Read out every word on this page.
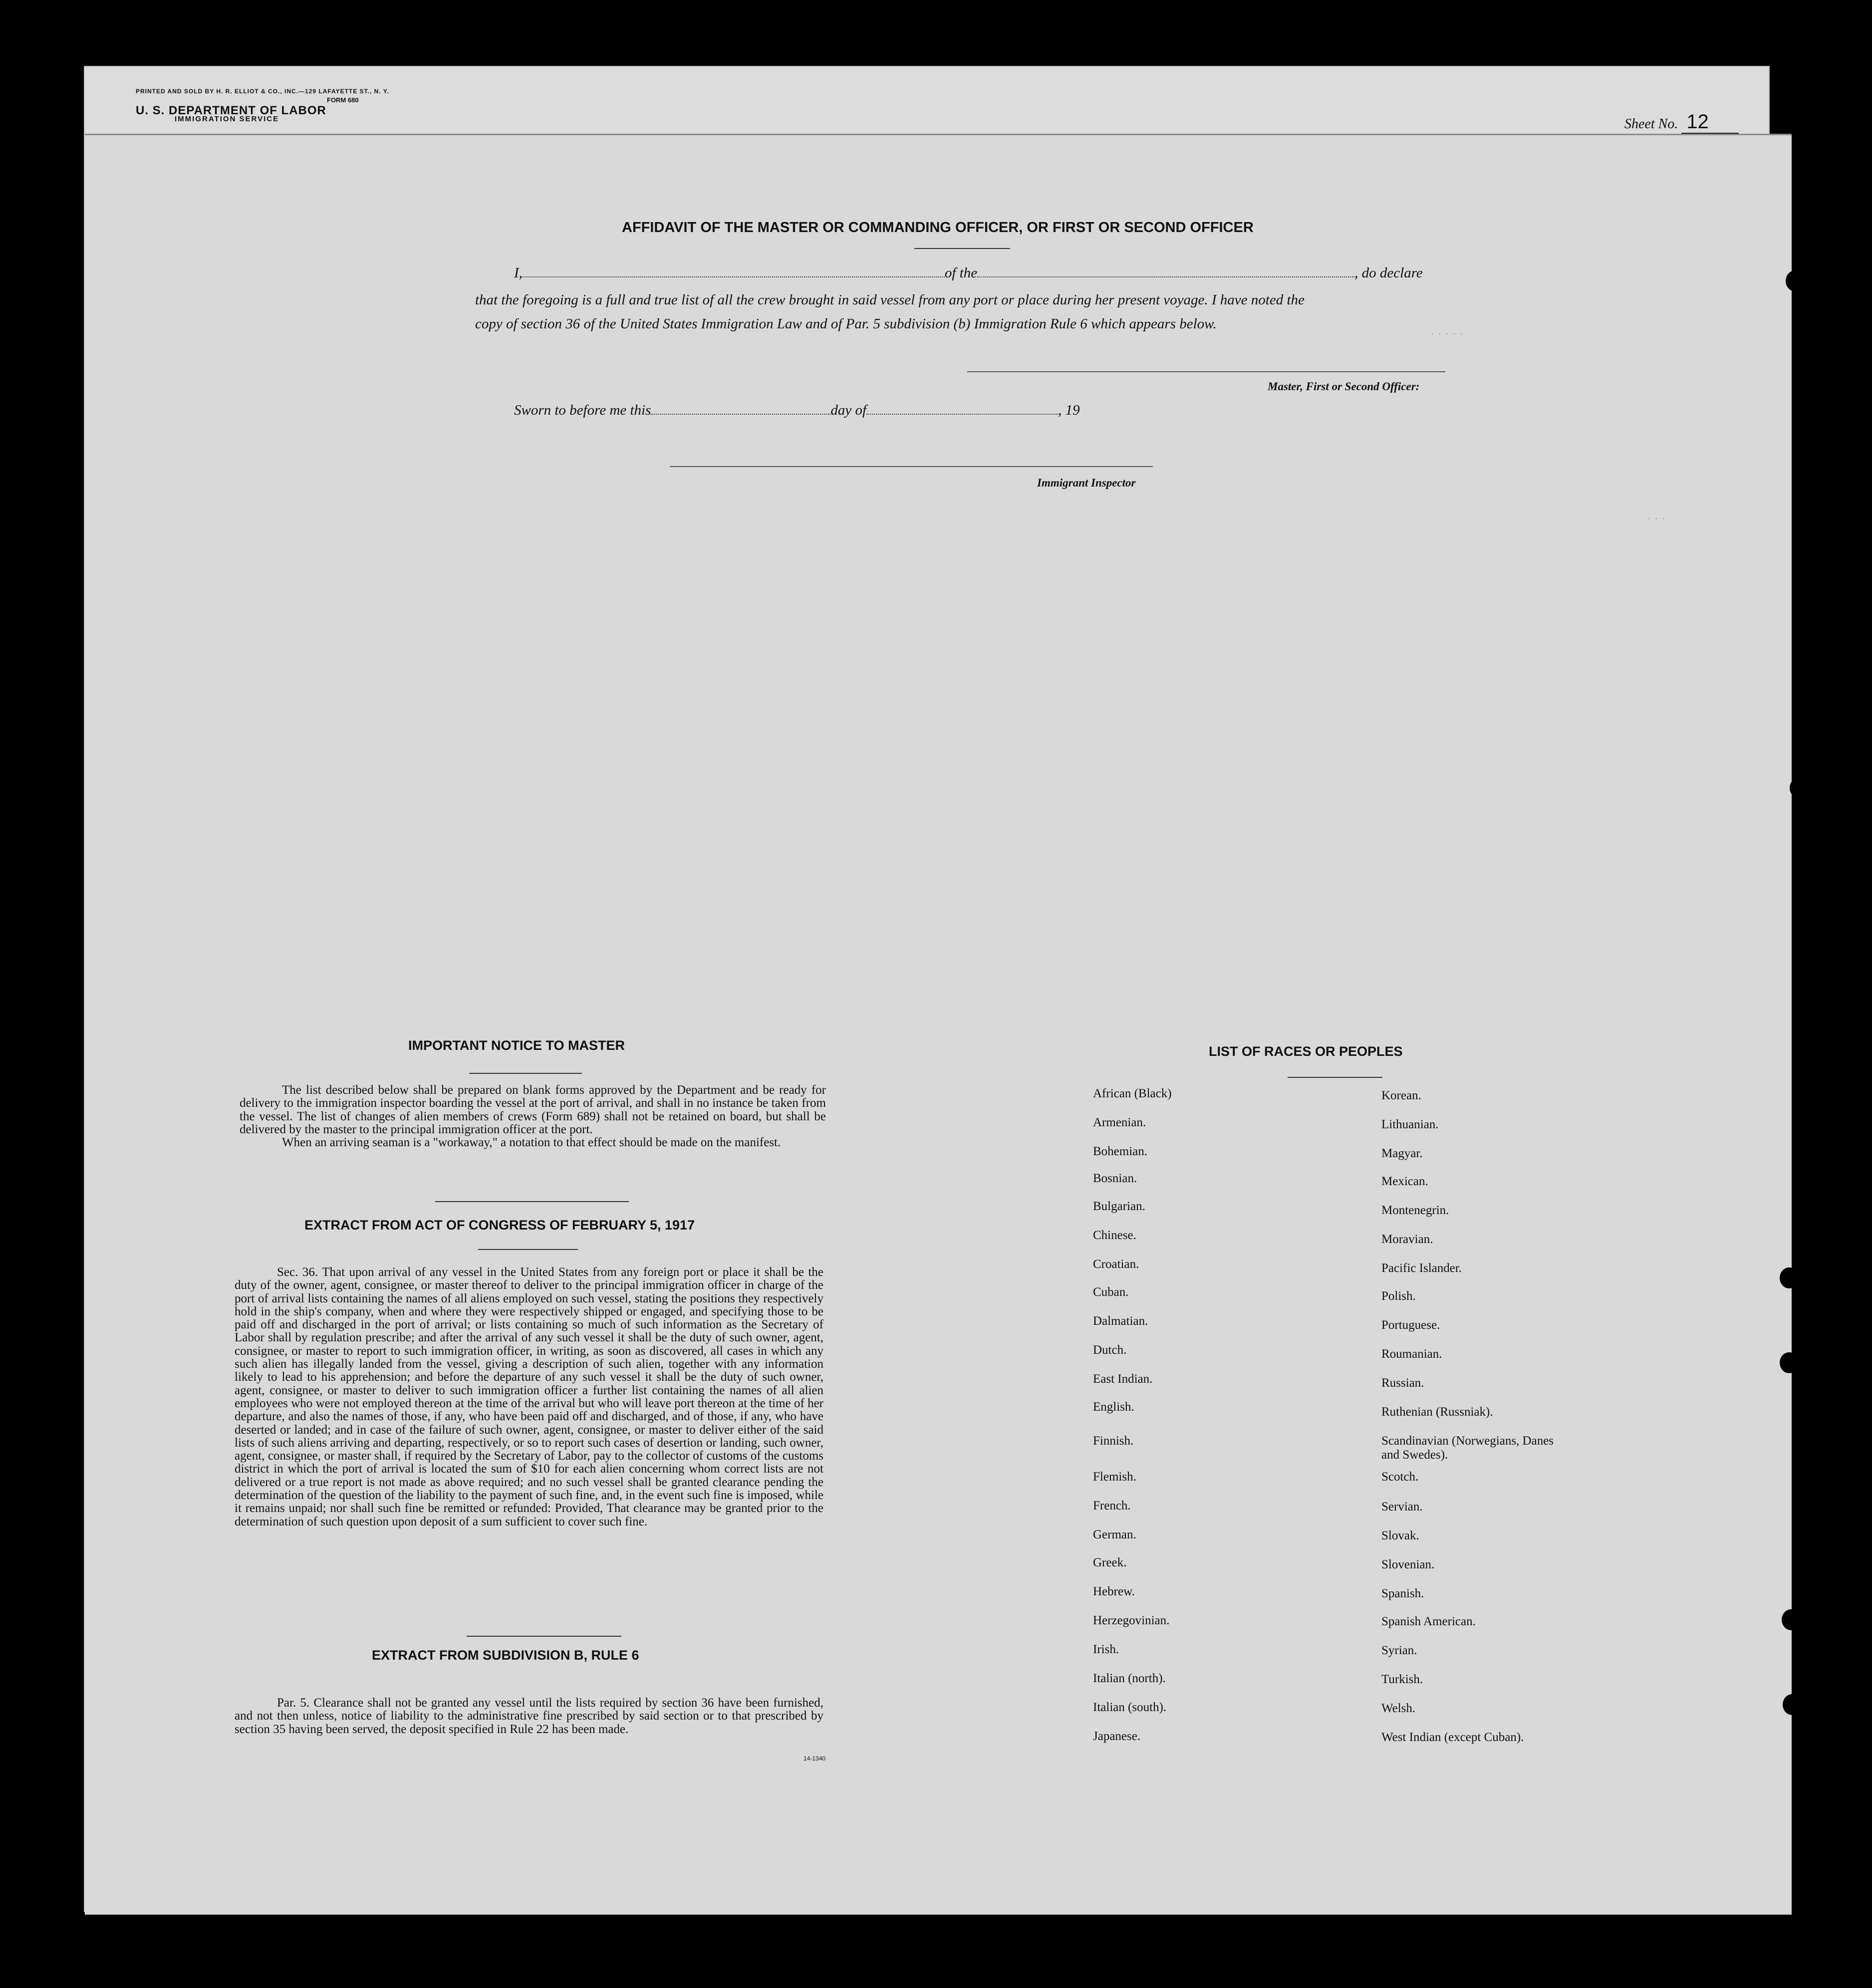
PRINTED AND SOLD BY H. R. ELLIOT & CO., INC.—129 LAFAYETTE ST., N. Y.
FORM 680
U. S. DEPARTMENT OF LABOR
IMMIGRATION SERVICE	Sheet No. 12
· · · · ·
· · ·
AFFIDAVIT OF THE MASTER OR COMMANDING OFFICER, OR FIRST OR SECOND OFFICER
I,	of the	, do declare
that the foregoing is a full and true list of all the crew brought in said vessel from any port or place during her present voyage. I have noted the
copy of section 36 of the United States Immigration Law and of Par. 5 subdivision (b) Immigration Rule 6 which appears below.
Master, First or Second Officer:
Sworn to before me this	day of	, 19
Immigrant Inspector
IMPORTANT NOTICE TO MASTER

The list described below shall be prepared on blank forms approved by the Department and be ready for delivery to the immigration inspector boarding the vessel at the port of arrival, and shall in no instance be taken from the vessel. The list of changes of alien members of crews (Form 689) shall not be retained on board, but shall be delivered by the master to the principal immigration officer at the port.

When an arriving seaman is a "workaway," a notation to that effect should be made on the manifest.

EXTRACT FROM ACT OF CONGRESS OF FEBRUARY 5, 1917

Sec. 36. That upon arrival of any vessel in the United States from any foreign port or place it shall be the duty of the owner, agent, consignee, or master thereof to deliver to the principal immigration officer in charge of the port of arrival lists containing the names of all aliens employed on such vessel, stating the positions they respectively hold in the ship's company, when and where they were respectively shipped or engaged, and specifying those to be paid off and discharged in the port of arrival; or lists containing so much of such information as the Secretary of Labor shall by regulation prescribe; and after the arrival of any such vessel it shall be the duty of such owner, agent, consignee, or master to report to such immigration officer, in writing, as soon as discovered, all cases in which any such alien has illegally landed from the vessel, giving a description of such alien, together with any information likely to lead to his apprehension; and before the departure of any such vessel it shall be the duty of such owner, agent, consignee, or master to deliver to such immigration officer a further list containing the names of all alien employees who were not employed thereon at the time of the arrival but who will leave port thereon at the time of her departure, and also the names of those, if any, who have been paid off and discharged, and of those, if any, who have deserted or landed; and in case of the failure of such owner, agent, consignee, or master to deliver either of the said lists of such aliens arriving and departing, respectively, or so to report such cases of desertion or landing, such owner, agent, consignee, or master shall, if required by the Secretary of Labor, pay to the collector of customs of the customs district in which the port of arrival is located the sum of $10 for each alien concerning whom correct lists are not delivered or a true report is not made as above required; and no such vessel shall be granted clearance pending the determination of the question of the liability to the payment of such fine, and, in the event such fine is imposed, while it remains unpaid; nor shall such fine be remitted or refunded: Provided, That clearance may be granted prior to the determination of such question upon deposit of a sum sufficient to cover such fine.

EXTRACT FROM SUBDIVISION B, RULE 6

Par. 5. Clearance shall not be granted any vessel until the lists required by section 36 have been furnished, and not then unless, notice of liability to the administrative fine prescribed by said section or to that prescribed by section 35 having been served, the deposit specified in Rule 22 has been made.

14-1340
LIST OF RACES OR PEOPLES
African (Black)
Armenian.
Bohemian.
Bosnian.
Bulgarian.
Chinese.
Croatian.
Cuban.
Dalmatian.
Dutch.
East Indian.
English.
Finnish.
Flemish.
French.
German.
Greek.
Hebrew.
Herzegovinian.
Irish.
Italian (north).
Italian (south).
Japanese.
Korean.
Lithuanian.
Magyar.
Mexican.
Montenegrin.
Moravian.
Pacific Islander.
Polish.
Portuguese.
Roumanian.
Russian.
Ruthenian (Russniak).
Scandinavian (Norwegians, Danes and Swedes).
Scotch.
Servian.
Slovak.
Slovenian.
Spanish.
Spanish American.
Syrian.
Turkish.
Welsh.
West Indian (except Cuban).
